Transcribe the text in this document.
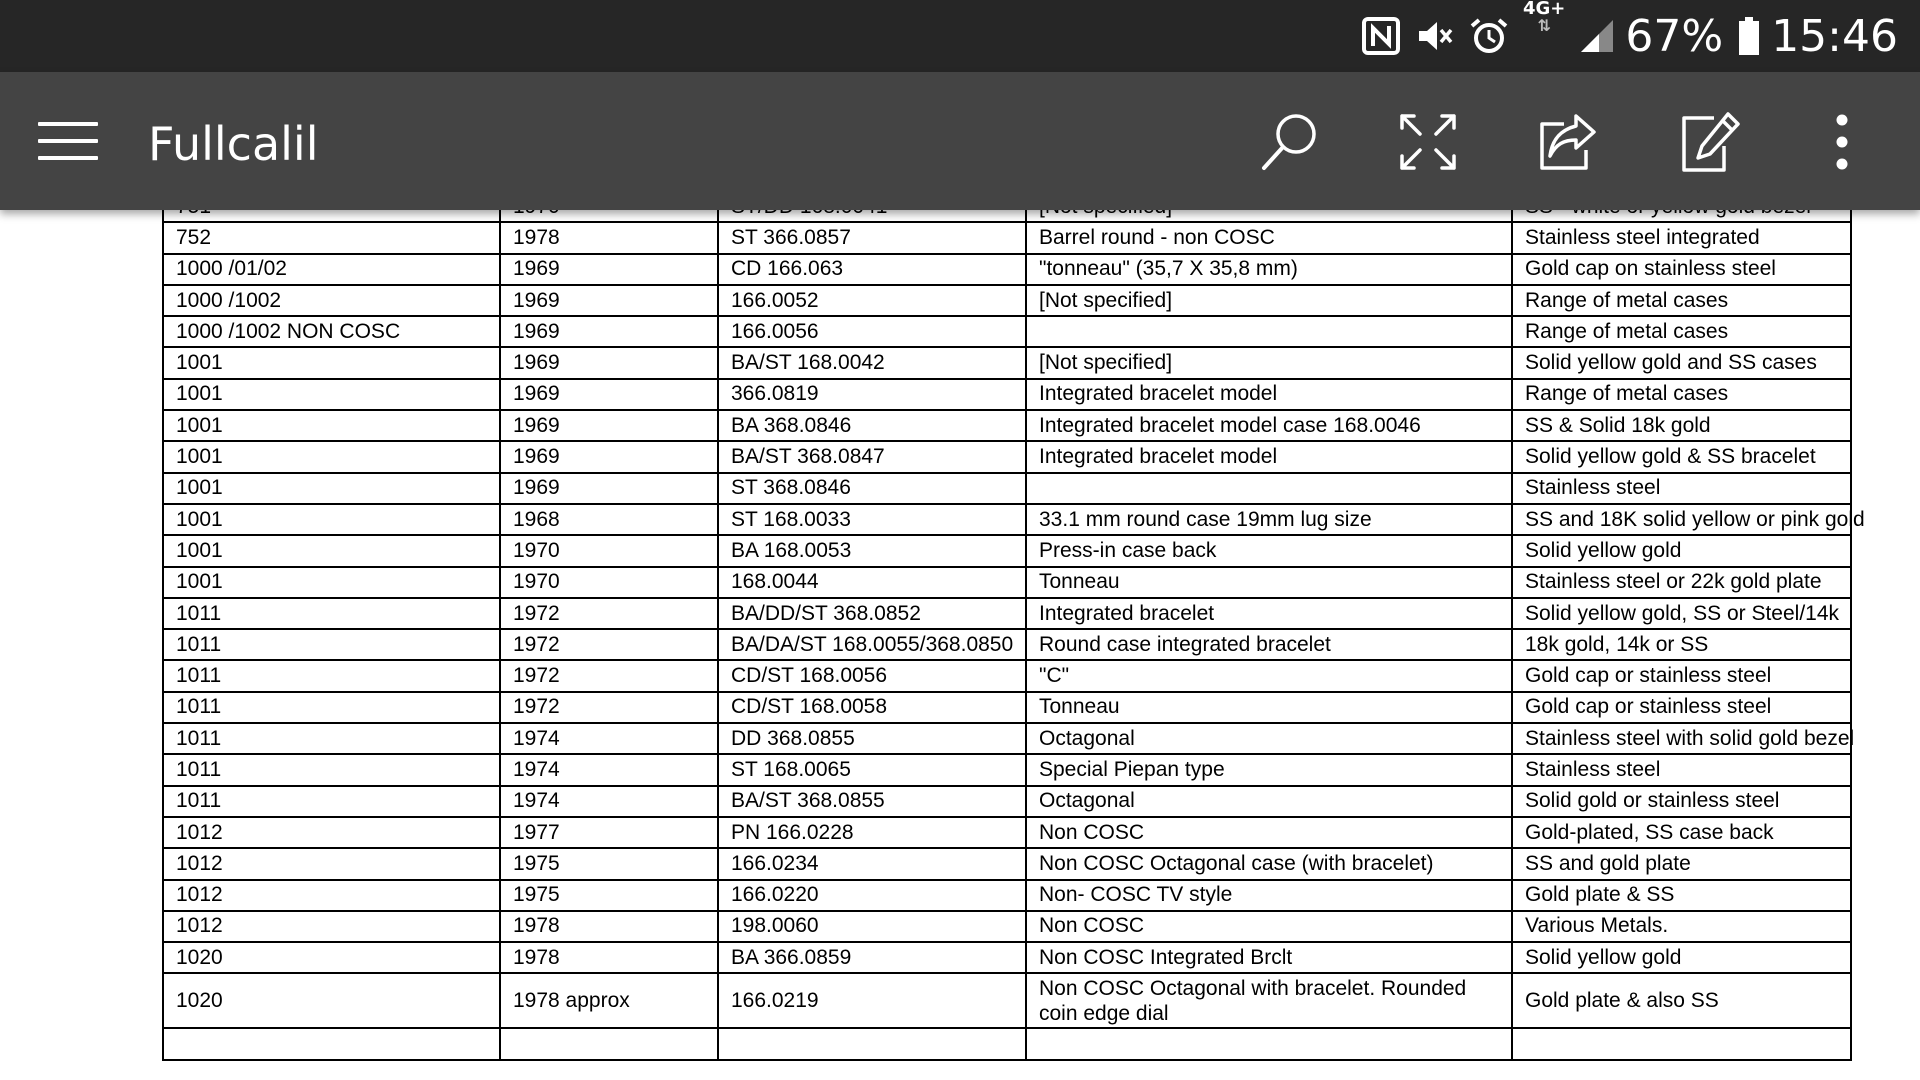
4G+
⇅ 67% 15:46
Fullcalil

752	1978	ST 366.0857	Barrel round - non COSC	Stainless steel integrated
1000 /01/02	1969	CD 166.063	"tonneau" (35,7 X 35,8 mm)	Gold cap on stainless steel
1000 /1002	1969	166.0052	[Not specified]	Range of metal cases
1000 /1002 NON COSC	1969	166.0056		Range of metal cases
1001	1969	BA/ST 168.0042	[Not specified]	Solid yellow gold and SS cases
1001	1969	366.0819	Integrated bracelet model	Range of metal cases
1001	1969	BA 368.0846	Integrated bracelet model case 168.0046	SS & Solid 18k gold
1001	1969	BA/ST 368.0847	Integrated bracelet model	Solid yellow gold & SS bracelet
1001	1969	ST 368.0846		Stainless steel
1001	1968	ST 168.0033	33.1 mm round case 19mm lug size	SS and 18K solid yellow or pink gold
1001	1970	BA 168.0053	Press-in case back	Solid yellow gold
1001	1970	168.0044	Tonneau	Stainless steel or 22k gold plate
1011	1972	BA/DD/ST 368.0852	Integrated bracelet	Solid yellow gold, SS or Steel/14k
1011	1972	BA/DA/ST 168.0055/368.0850	Round case integrated bracelet	18k gold, 14k or SS
1011	1972	CD/ST 168.0056	"C"	Gold cap or stainless steel
1011	1972	CD/ST 168.0058	Tonneau	Gold cap or stainless steel
1011	1974	DD 368.0855	Octagonal	Stainless steel with solid gold bezel
1011	1974	ST 168.0065	Special Piepan type	Stainless steel
1011	1974	BA/ST 368.0855	Octagonal	Solid gold or stainless steel
1012	1977	PN 166.0228	Non COSC	Gold-plated, SS case back
1012	1975	166.0234	Non COSC Octagonal case (with bracelet)	SS and gold plate
1012	1975	166.0220	Non- COSC TV style	Gold plate & SS
1012	1978	198.0060	Non COSC	Various Metals.
1020	1978	BA 366.0859	Non COSC Integrated Brclt	Solid yellow gold
1020	1978 approx	166.0219	Non COSC Octagonal with bracelet. Rounded coin edge dial	Gold plate & also SS
